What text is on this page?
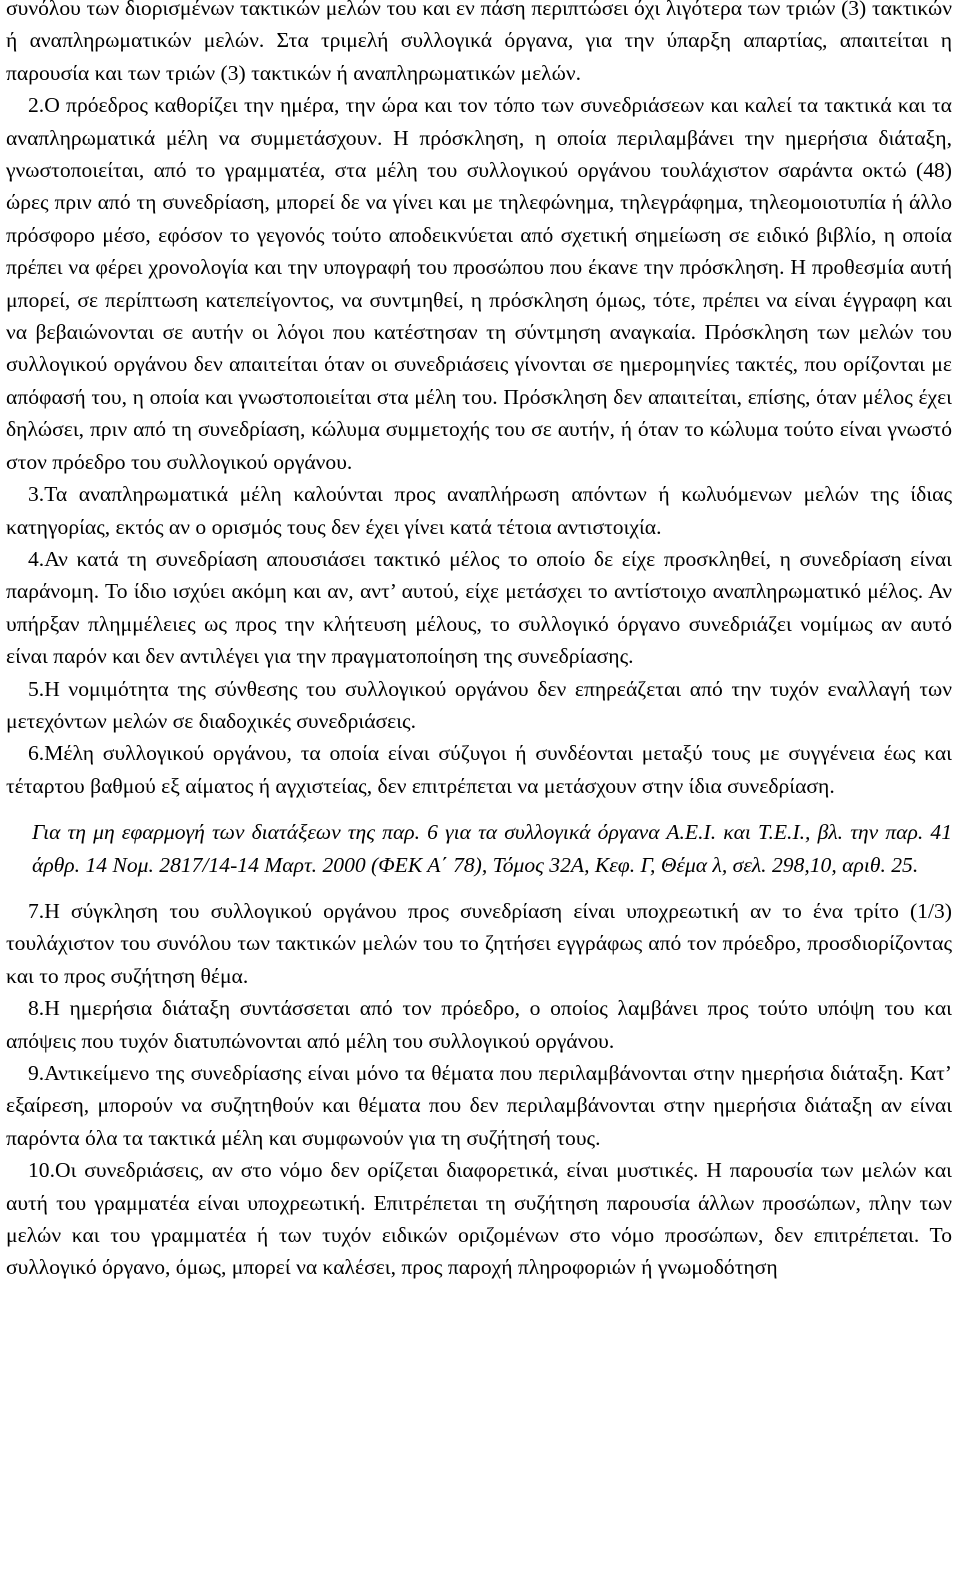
συνόλου των διορισμένων τακτικών μελών του και εν πάση περιπτώσει όχι λιγότερα των τριών (3) τακτικών ή αναπληρωματικών μελών. Στα τριμελή συλλογικά όργανα, για την ύπαρξη απαρτίας, απαιτείται η παρουσία και των τριών (3) τακτικών ή αναπληρωματικών μελών.

2.Ο πρόεδρος καθορίζει την ημέρα, την ώρα και τον τόπο των συνεδριάσεων και καλεί τα τακτικά και τα αναπληρωματικά μέλη να συμμετάσχουν. Η πρόσκληση, η οποία περιλαμβάνει την ημερήσια διάταξη, γνωστοποιείται, από το γραμματέα, στα μέλη του συλλογικού οργάνου τουλάχιστον σαράντα οκτώ (48) ώρες πριν από τη συνεδρίαση, μπορεί δε να γίνει και με τηλεφώνημα, τηλεγράφημα, τηλεομοιοτυπία ή άλλο πρόσφορο μέσο, εφόσον το γεγονός τούτο αποδεικνύεται από σχετική σημείωση σε ειδικό βιβλίο, η οποία πρέπει να φέρει χρονολογία και την υπογραφή του προσώπου που έκανε την πρόσκληση. Η προθεσμία αυτή μπορεί, σε περίπτωση κατεπείγοντος, να συντμηθεί, η πρόσκληση όμως, τότε, πρέπει να είναι έγγραφη και να βεβαιώνονται σε αυτήν οι λόγοι που κατέστησαν τη σύντμηση αναγκαία. Πρόσκληση των μελών του συλλογικού οργάνου δεν απαιτείται όταν οι συνεδριάσεις γίνονται σε ημερομηνίες τακτές, που ορίζονται με απόφασή του, η οποία και γνωστοποιείται στα μέλη του. Πρόσκληση δεν απαιτείται, επίσης, όταν μέλος έχει δηλώσει, πριν από τη συνεδρίαση, κώλυμα συμμετοχής του σε αυτήν, ή όταν το κώλυμα τούτο είναι γνωστό στον πρόεδρο του συλλογικού οργάνου.

3.Τα αναπληρωματικά μέλη καλούνται προς αναπλήρωση απόντων ή κωλυόμενων μελών της ίδιας κατηγορίας, εκτός αν ο ορισμός τους δεν έχει γίνει κατά τέτοια αντιστοιχία.

4.Αν κατά τη συνεδρίαση απουσιάσει τακτικό μέλος το οποίο δε είχε προσκληθεί, η συνεδρίαση είναι παράνομη. Το ίδιο ισχύει ακόμη και αν, αντ’ αυτού, είχε μετάσχει το αντίστοιχο αναπληρωματικό μέλος. Αν υπήρξαν πλημμέλειες ως προς την κλήτευση μέλους, το συλλογικό όργανο συνεδριάζει νομίμως αν αυτό είναι παρόν και δεν αντιλέγει για την πραγματοποίηση της συνεδρίασης.

5.Η νομιμότητα της σύνθεσης του συλλογικού οργάνου δεν επηρεάζεται από την τυχόν εναλλαγή των μετεχόντων μελών σε διαδοχικές συνεδριάσεις.

6.Μέλη συλλογικού οργάνου, τα οποία είναι σύζυγοι ή συνδέονται μεταξύ τους με συγγένεια έως και τέταρτου βαθμού εξ αίματος ή αγχιστείας, δεν επιτρέπεται να μετάσχουν στην ίδια συνεδρίαση.

Για τη μη εφαρμογή των διατάξεων της παρ. 6 για τα συλλογικά όργανα Α.Ε.Ι. και Τ.Ε.Ι., βλ. την παρ. 41 άρθρ. 14 Νομ. 2817/14-14 Μαρτ. 2000 (ΦΕΚ Α΄ 78), Τόμος 32Α, Κεφ. Γ, Θέμα λ, σελ. 298,10, αριθ. 25.

7.Η σύγκληση του συλλογικού οργάνου προς συνεδρίαση είναι υποχρεωτική αν το ένα τρίτο (1/3) τουλάχιστον του συνόλου των τακτικών μελών του το ζητήσει εγγράφως από τον πρόεδρο, προσδιορίζοντας και το προς συζήτηση θέμα.

8.Η ημερήσια διάταξη συντάσσεται από τον πρόεδρο, ο οποίος λαμβάνει προς τούτο υπόψη του και απόψεις που τυχόν διατυπώνονται από μέλη του συλλογικού οργάνου.

9.Αντικείμενο της συνεδρίασης είναι μόνο τα θέματα που περιλαμβάνονται στην ημερήσια διάταξη. Κατ’ εξαίρεση, μπορούν να συζητηθούν και θέματα που δεν περιλαμβάνονται στην ημερήσια διάταξη αν είναι παρόντα όλα τα τακτικά μέλη και συμφωνούν για τη συζήτησή τους.

10.Οι συνεδριάσεις, αν στο νόμο δεν ορίζεται διαφορετικά, είναι μυστικές. Η παρουσία των μελών και αυτή του γραμματέα είναι υποχρεωτική. Επιτρέπεται τη συζήτηση παρουσία άλλων προσώπων, πλην των μελών και του γραμματέα ή των τυχόν ειδικών οριζομένων στο νόμο προσώπων, δεν επιτρέπεται. Το συλλογικό όργανο, όμως, μπορεί να καλέσει, προς παροχή πληροφοριών ή γνωμοδότηση
